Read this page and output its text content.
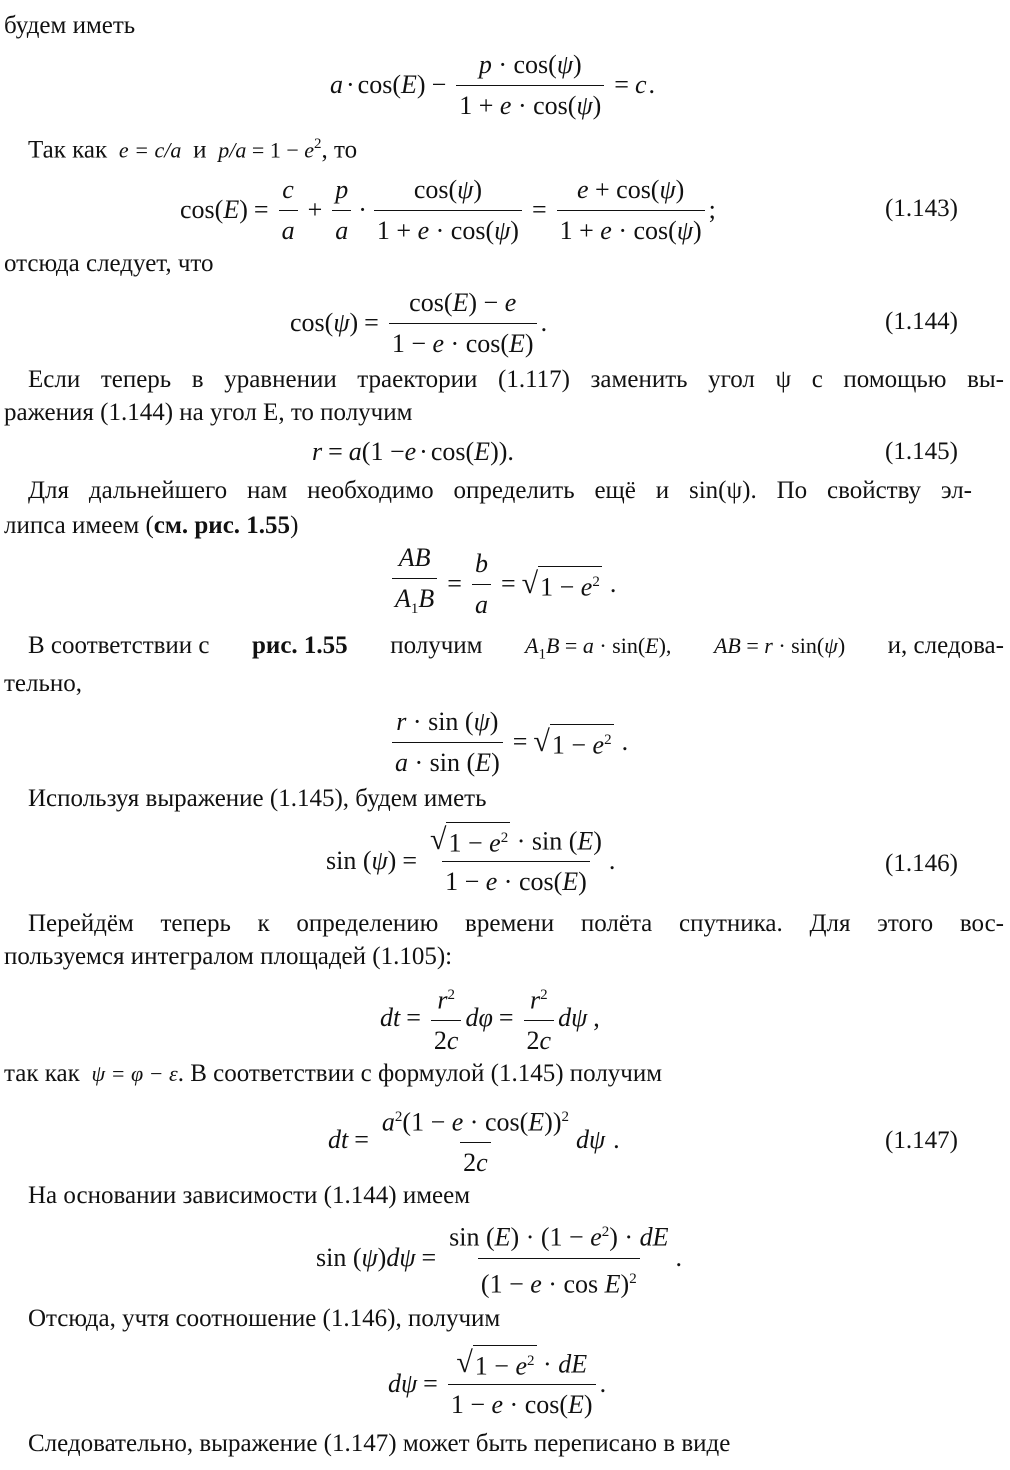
будем иметь

a · cos( E ) − $\frac{p \cdot \cos(\psi)}{1 + e \cdot \cos(\psi)} = c$ .

Так как  e = c/a  и  $p/a = 1 - e^2$, то

cos( E ) = $\frac{c}{a} + \frac{p}{a} \cdot \frac{\cos(\psi)}{1 + e \cdot \cos(\psi)} = \frac{e + \cos(\psi)}{1 + e \cdot \cos(\psi)}$ ;	(1.143)

отсюда следует, что

cos( ψ ) = $\frac{\cos(E) - e}{1 - e \cdot \cos(E)}$ .	(1.144)

Если теперь в уравнении траектории (1.117) заменить угол ψ с помощью вы-

ражения (1.144) на угол E, то получим

r = a (1 − e · cos( E )).	(1.145)

Для дальнейшего нам необходимо определить ещё и sin(ψ). По свойству эл-

липса имеем (см. рис. 1.55)

$\frac{AB}{A_1B} = \frac{b}{a}$ = √ $1 - e^2$ .

В соответствии с рис. 1.55 получим $A_1B = a \cdot \sin(E)$, AB = r · sin(ψ) и, следова-

тельно,

$\frac{r \cdot \sin (\psi)}{a \cdot \sin (E)}$ = √ $1 - e^2$ .

Используя выражение (1.145), будем иметь

sin ( ψ ) = $\frac{√ 1 - e^2 \cdot \sin (E)}{1 - e \cdot \cos(E)}$ .	(1.146)

Перейдём теперь к определению времени полёта спутника. Для этого вос-

пользуемся интегралом площадей (1.105):

dt = $\frac{r^2}{2c}$ $d\varphi = \frac{r^2}{2c}$ dψ ,

так как  ψ = φ − ε. В соответствии с формулой (1.145) получим

dt = $\frac{a^2(1 - e \cdot \cos(E))^2}{2c}$ dψ .	(1.147)

На основании зависимости (1.144) имеем

sin ( ψ ) $d\psi = \frac{\sin (E) \cdot (1 - e^2) \cdot dE}{(1 - e \cdot \cos E)^2}$ .

Отсюда, учтя соотношение (1.146), получим

$d\psi = \frac{√ 1 - e^2 \cdot dE}{1 - e \cdot \cos(E)}$ .

Следовательно, выражение (1.147) может быть переписано в виде
